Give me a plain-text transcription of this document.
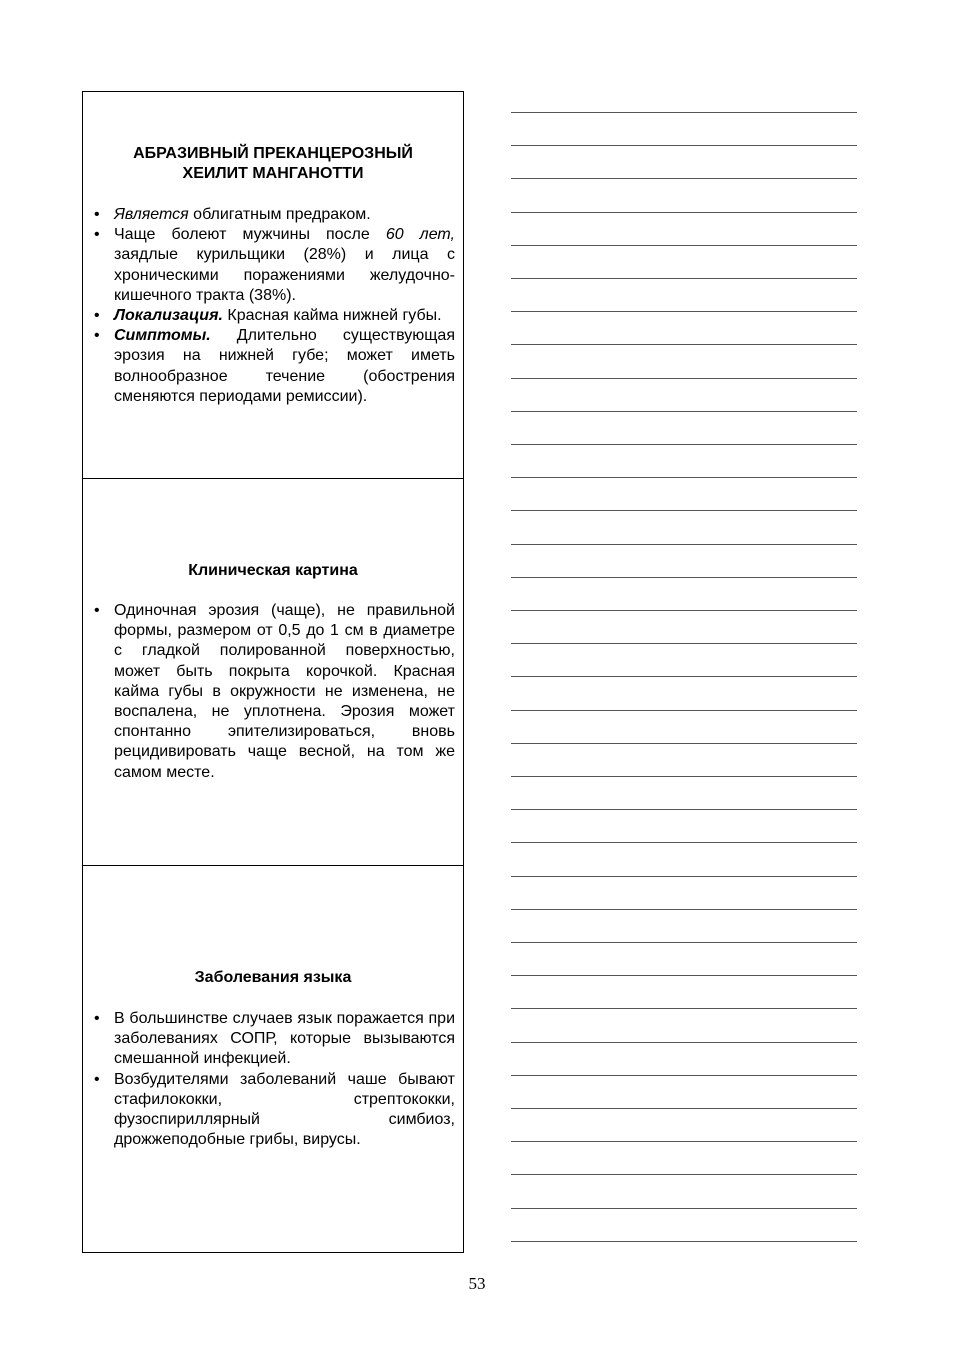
АБРАЗИВНЫЙ ПРЕКАНЦЕРОЗНЫЙ
ХЕИЛИТ МАНГАНОТТИ
• Является облигатным предраком.
• Чаще болеют мужчины после 60 лет, заядлые курильщики (28%) и лица с хроническими поражениями желудочно-кишечного тракта (38%).
• Локализация. Красная кайма нижней губы.
• Симптомы. Длительно существующая эрозия на нижней губе; может иметь волнообразное течение (обострения сменяются периодами ремиссии).
Клиническая картина
• Одиночная эрозия (чаще), не правильной формы, размером от 0,5 до 1 см в диаметре с гладкой полированной поверхностью, может быть покрыта корочкой. Красная кайма губы в окружности не изменена, не воспалена, не уплотнена. Эрозия может спонтанно эпителизироваться, вновь рецидивировать чаще весной, на том же самом месте.
Заболевания языка
• В большинстве случаев язык поражается при заболеваниях СОПР, которые вызываются смешанной инфекцией.
• Возбудителями заболеваний чаше бывают стафилококки, стрептококки, фузоспириллярный симбиоз, дрожжеподобные грибы, вирусы.
53
